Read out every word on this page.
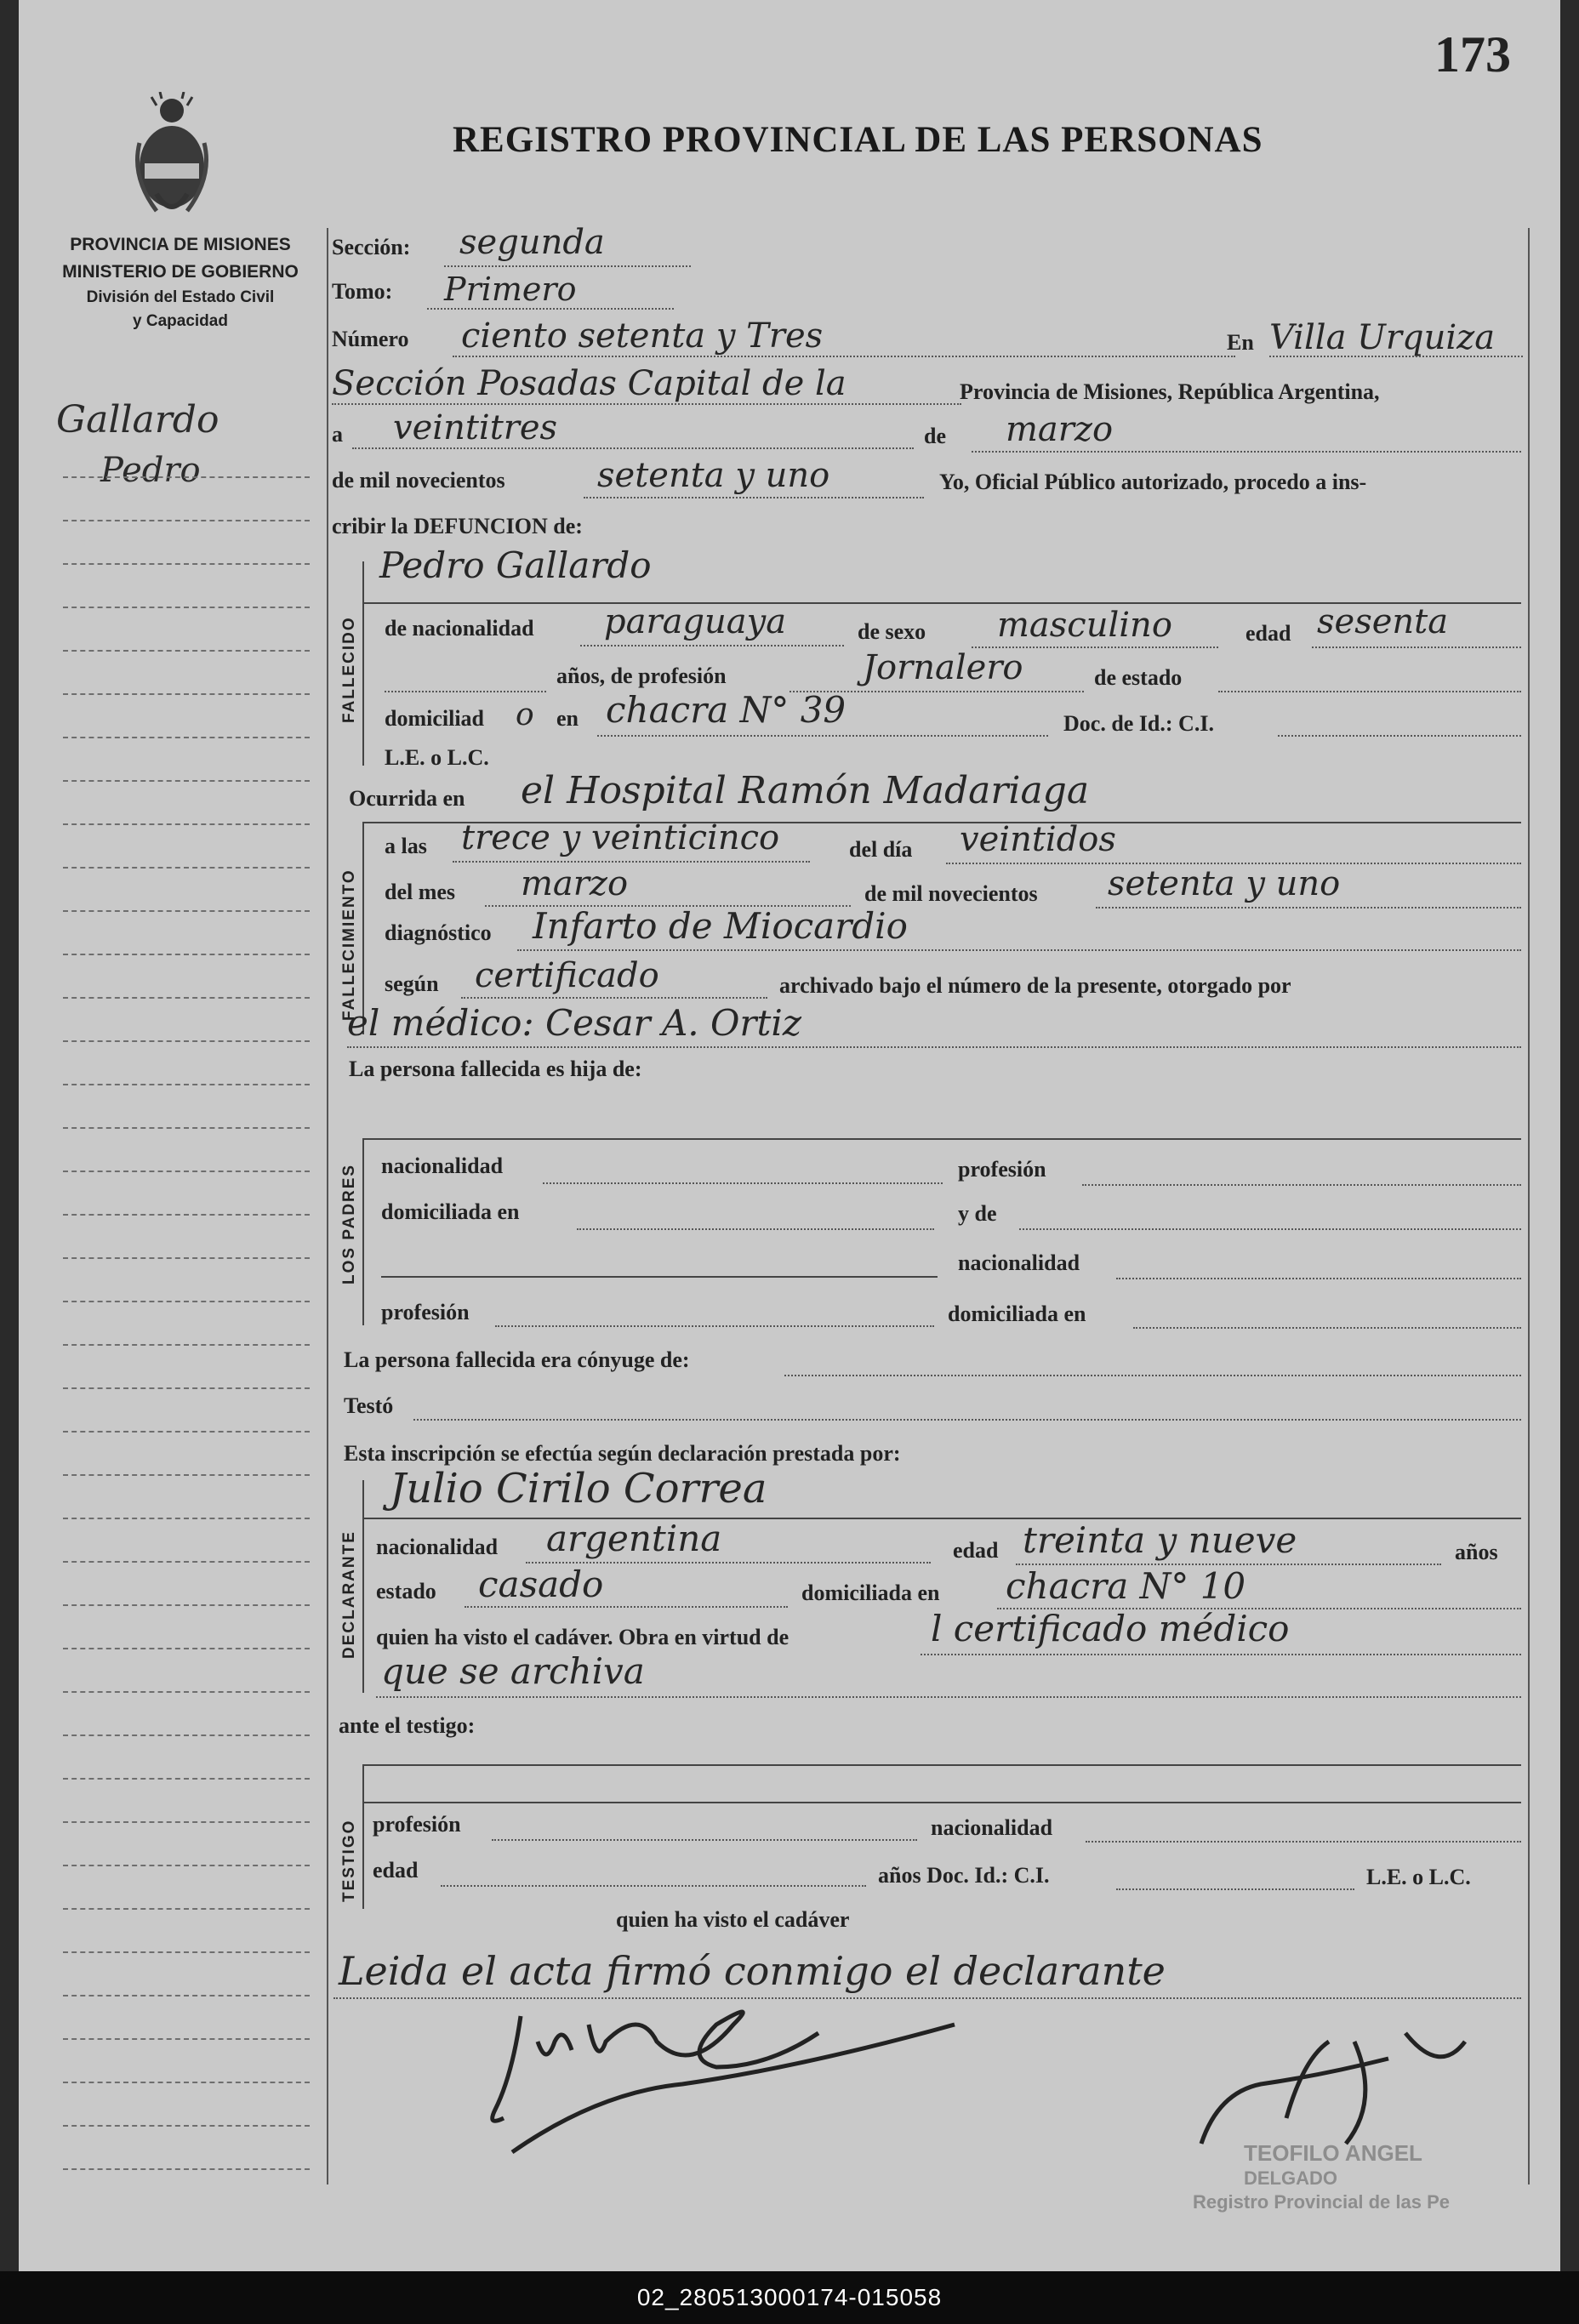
173
PROVINCIA DE MISIONES
MINISTERIO DE GOBIERNO
División del Estado Civil
y Capacidad
REGISTRO PROVINCIAL DE LAS PERSONAS
Gallardo
Pedro
Sección: segunda
Tomo: Primero
Número ciento setenta y Tres	En Villa Urquiza
Sección Posadas Capital de la	Provincia de Misiones, República Argentina,
a veintitres	de marzo
de mil novecientos	setenta y uno	Yo, Oficial Público autorizado, procedo a ins-
cribir la DEFUNCION de:
FALLECIDO
Pedro Gallardo
de nacionalidad paraguaya	de sexo masculino	edad sesenta
años, de profesión	Jornalero	de estado
domiciliad o en chacra N° 39	Doc. de Id.: C.I.
L.E. o L.C.
Ocurrida en el Hospital Ramón Madariaga
FALLECIMIENTO
a las trece y veinticinco	del día veintidos
del mes marzo	de mil novecientos setenta y uno
diagnóstico Infarto de Miocardio
según certificado	archivado bajo el número de la presente, otorgado por
el médico: Cesar A. Ortiz
La persona fallecida es hija de:
LOS PADRES nacionalidad	profesión
domiciliada en	y de
nacionalidad
profesión	domiciliada en
La persona fallecida era cónyuge de:
Testó
Esta inscripción se efectúa según declaración prestada por:
DECLARANTE
Julio Cirilo Correa
nacionalidad argentina	edad treinta y nueve	años
estado casado	domiciliada en chacra N° 10
quien ha visto el cadáver. Obra en virtud de	l certificado médico
que se archiva
ante el testigo:
TESTIGO profesión	nacionalidad
edad	años Doc. Id.: C.I.	L.E. o L.C.
quien ha visto el cadáver
Leida el acta firmó conmigo el declarante
TEOFILO ANGEL
DELGADO
Registro Provincial de las Pe
02_280513000174-015058
